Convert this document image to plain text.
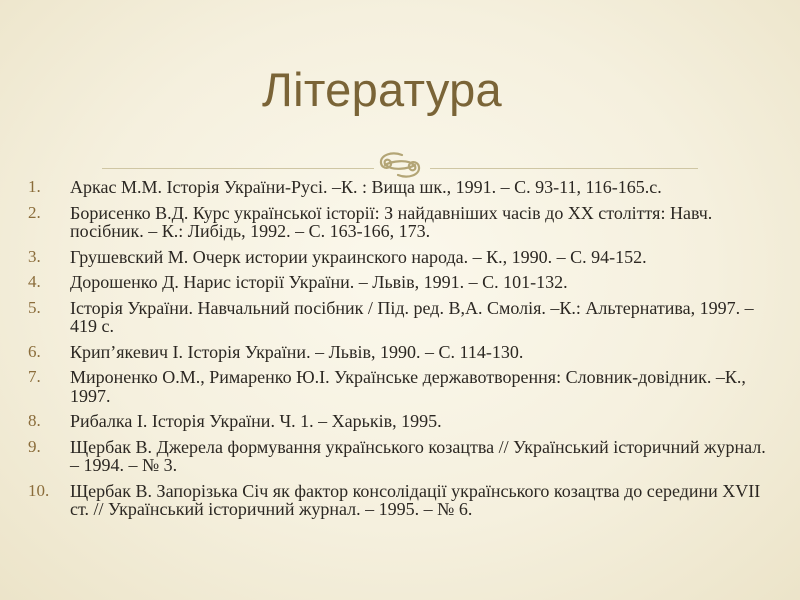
Література
1. Аркас М.М. Історія України-Русі. –К. : Вища шк., 1991. – С. 93-11, 116-165.с.
2. Борисенко В.Д. Курс української історії: З найдавніших часів до ХХ століття: Навч. посібник. – К.: Либідь, 1992. – С. 163-166, 173.
3. Грушевский М. Очерк истории украинского народа. – К., 1990. – С. 94-152.
4. Дорошенко Д. Нарис історії України. – Львів, 1991. – С. 101-132.
5. Історія України. Навчальний посібник / Під. ред. В,А. Смолія. –К.: Альтернатива, 1997. – 419 с.
6. Крип’якевич І. Історія України. – Львів, 1990. – С. 114-130.
7. Мироненко О.М., Римаренко Ю.І. Українське державотворення: Словник-довідник. –К., 1997.
8. Рибалка І. Історія України. Ч. 1. – Харьків, 1995.
9. Щербак В. Джерела формування українського козацтва // Український історичний журнал. – 1994. – № 3.
10. Щербак В. Запорізька Січ як фактор консолідації українського козацтва до середини XVII ст. // Український історичний журнал. – 1995. – № 6.
